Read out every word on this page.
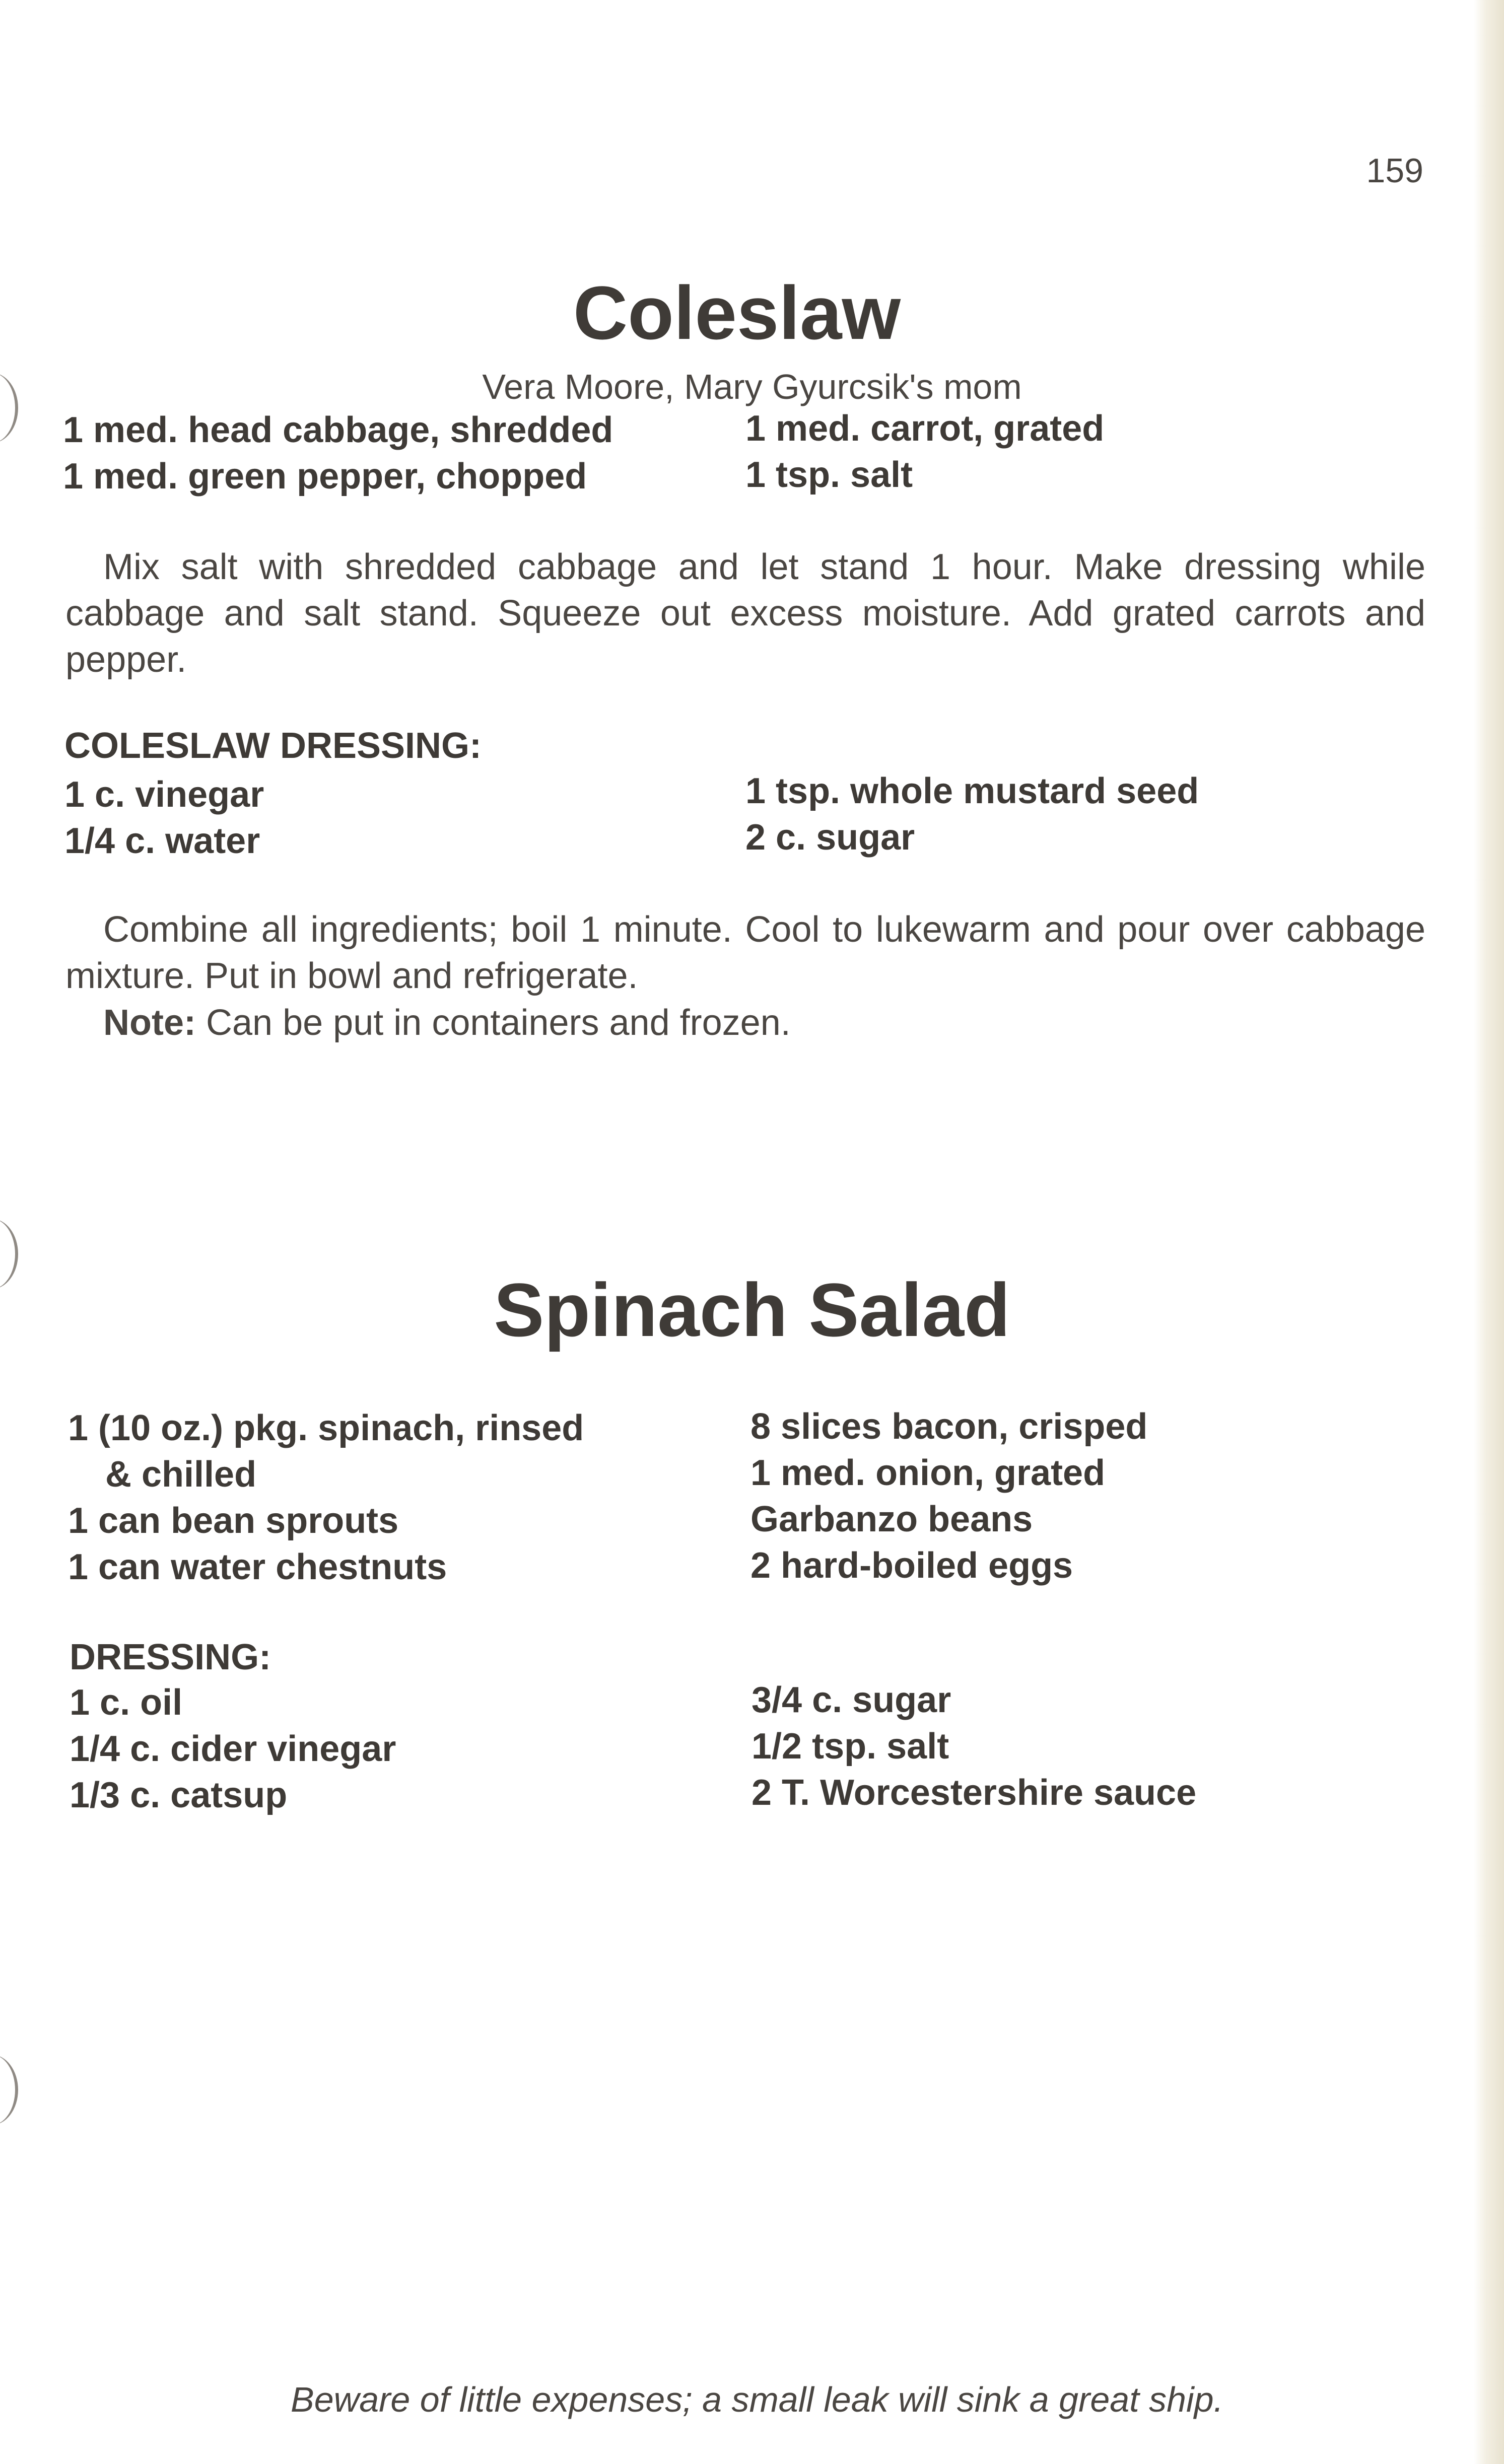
159
Coleslaw
Vera Moore, Mary Gyurcsik's mom
1 med. head cabbage, shredded
1 med. green pepper, chopped
1 med. carrot, grated
1 tsp. salt
Mix salt with shredded cabbage and let stand 1 hour. Make dressing while cabbage and salt stand. Squeeze out excess moisture. Add grated carrots and pepper.
COLESLAW DRESSING:
1 c. vinegar
1/4 c. water
1 tsp. whole mustard seed
2 c. sugar
Combine all ingredients; boil 1 minute. Cool to lukewarm and pour over cabbage mixture. Put in bowl and refrigerate.
Note: Can be put in containers and frozen.
Spinach Salad
1 (10 oz.) pkg. spinach, rinsed
& chilled
1 can bean sprouts
1 can water chestnuts
8 slices bacon, crisped
1 med. onion, grated
Garbanzo beans
2 hard-boiled eggs
DRESSING:
1 c. oil
1/4 c. cider vinegar
1/3 c. catsup
3/4 c. sugar
1/2 tsp. salt
2 T. Worcestershire sauce
Beware of little expenses; a small leak will sink a great ship.
